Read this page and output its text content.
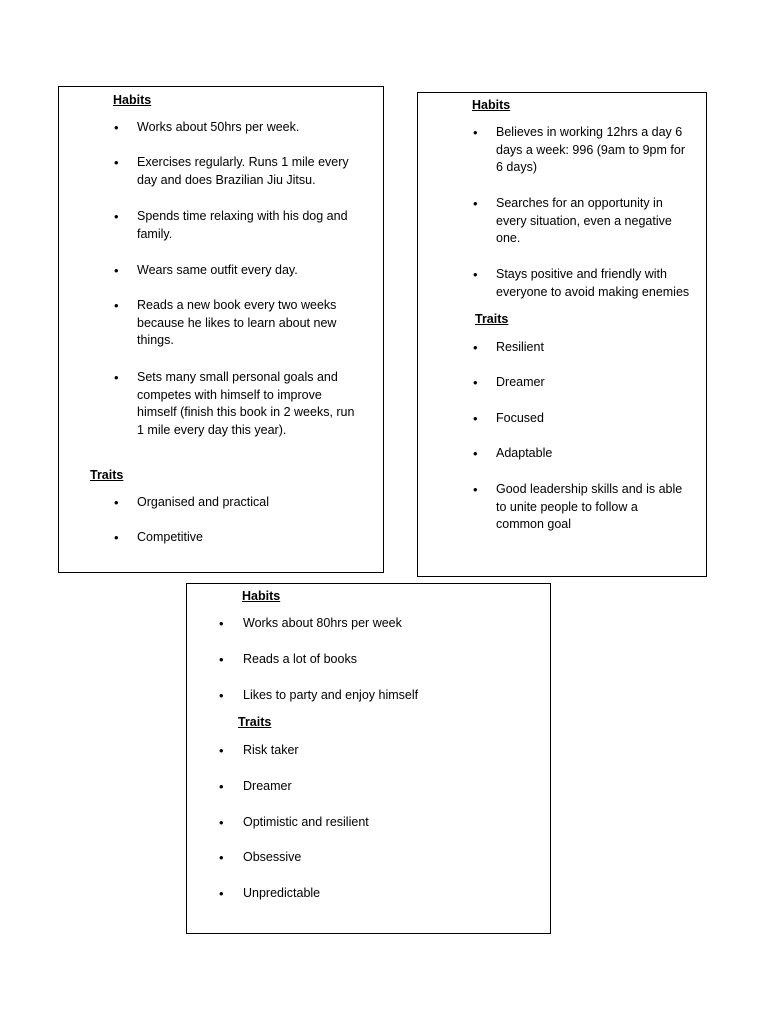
Habits
• Works about 50hrs per week.
• Exercises regularly. Runs 1 mile every
day and does Brazilian Jiu Jitsu.
• Spends time relaxing with his dog and
family.
• Wears same outfit every day.
• Reads a new book every two weeks
because he likes to learn about new
things.
• Sets many small personal goals and
competes with himself to improve
himself (finish this book in 2 weeks, run
1 mile every day this year).
Traits
• Organised and practical
• Competitive
Habits
• Believes in working 12hrs a day 6
days a week: 996 (9am to 9pm for
6 days)
• Searches for an opportunity in
every situation, even a negative
one.
• Stays positive and friendly with
everyone to avoid making enemies
Traits
• Resilient
• Dreamer
• Focused
• Adaptable
• Good leadership skills and is able
to unite people to follow a
common goal
Habits
• Works about 80hrs per week
• Reads a lot of books
• Likes to party and enjoy himself
Traits
• Risk taker
• Dreamer
• Optimistic and resilient
• Obsessive
• Unpredictable
